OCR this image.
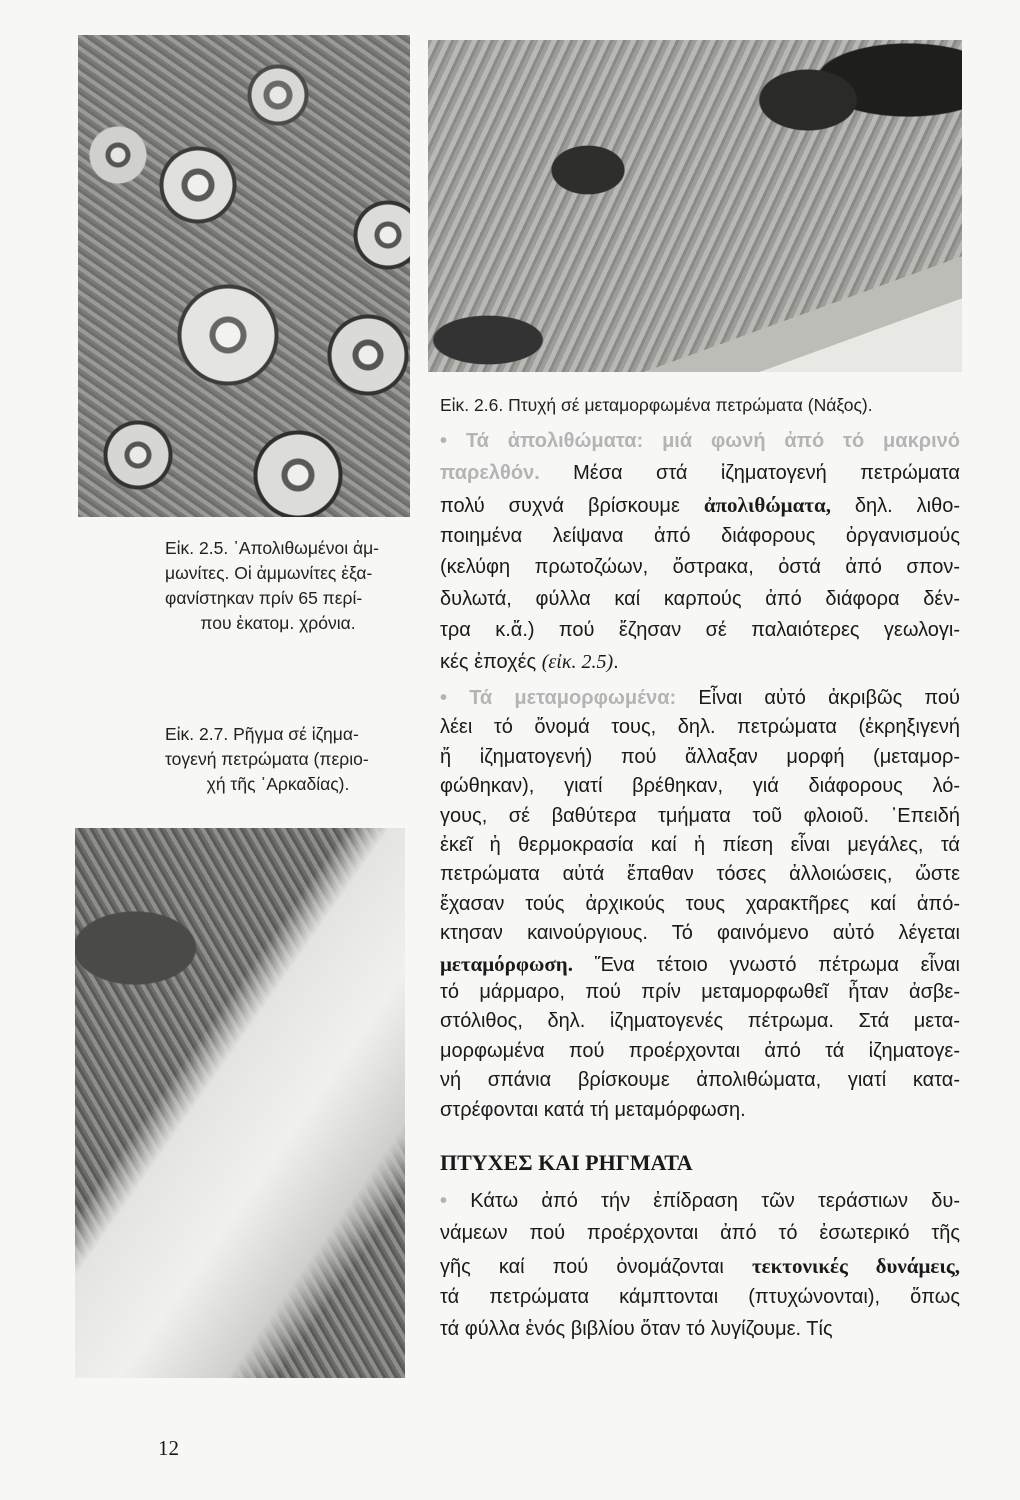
Εἰκ. 2.6. Πτυχή σέ μεταμορφωμένα πετρώματα (Νάξος).
Εἰκ. 2.5. ᾿Απολιθωμένοι ἀμ-
μωνίτες. Οἱ ἀμμωνίτες ἐξα-
φανίστηκαν πρίν 65 περί-
που ἑκατομ. χρόνια.
Εἰκ. 2.7. Ρῆγμα σέ ἱζημα-
τογενή πετρώματα (περιο-
χή τῆς ᾿Αρκαδίας).
• Τά ἀπολιθώματα: μιά φωνή ἀπό τό μακρινό
παρελθόν. Μέσα στά ἱζηματογενή πετρώματα
πολύ συχνά βρίσκουμε ἀπολιθώματα, δηλ. λιθο-
ποιημένα λείψανα ἀπό διάφορους ὀργανισμούς
(κελύφη πρωτοζώων, ὄστρακα, ὀστά ἀπό σπον-
δυλωτά, φύλλα καί καρπούς ἀπό διάφορα δέν-
τρα κ.ἄ.) πού ἔζησαν σέ παλαιότερες γεωλογι-
κές ἐποχές (εἰκ. 2.5).
• Τά μεταμορφωμένα: Εἶναι αὐτό ἀκριβῶς πού
λέει τό ὄνομά τους, δηλ. πετρώματα (ἐκρηξιγενή
ἤ ἱζηματογενή) πού ἄλλαξαν μορφή (μεταμορ-
φώθηκαν), γιατί βρέθηκαν, γιά διάφορους λό-
γους, σέ βαθύτερα τμήματα τοῦ φλοιοῦ. ᾿Επειδή
ἐκεῖ ἡ θερμοκρασία καί ἡ πίεση εἶναι μεγάλες, τά
πετρώματα αὐτά ἔπαθαν τόσες ἀλλοιώσεις, ὥστε
ἔχασαν τούς ἀρχικούς τους χαρακτῆρες καί ἀπό-
κτησαν καινούργιους. Τό φαινόμενο αὐτό λέγεται
μεταμόρφωση. Ἕνα τέτοιο γνωστό πέτρωμα εἶναι
τό μάρμαρο, πού πρίν μεταμορφωθεῖ ἦταν ἀσβε-
στόλιθος, δηλ. ἱζηματογενές πέτρωμα. Στά μετα-
μορφωμένα πού προέρχονται ἀπό τά ἱζηματογε-
νή σπάνια βρίσκουμε ἀπολιθώματα, γιατί κατα-
στρέφονται κατά τή μεταμόρφωση.
• Κάτω ἀπό τήν ἐπίδραση τῶν τεράστιων δυ-
νάμεων πού προέρχονται ἀπό τό ἐσωτερικό τῆς
γῆς καί πού ὀνομάζονται τεκτονικές δυνάμεις,
τά πετρώματα κάμπτονται (πτυχώνονται), ὅπως
τά φύλλα ἑνός βιβλίου ὅταν τό λυγίζουμε. Τίς
ΠΤΥΧΕΣ ΚΑΙ ΡΗΓΜΑΤΑ
12
